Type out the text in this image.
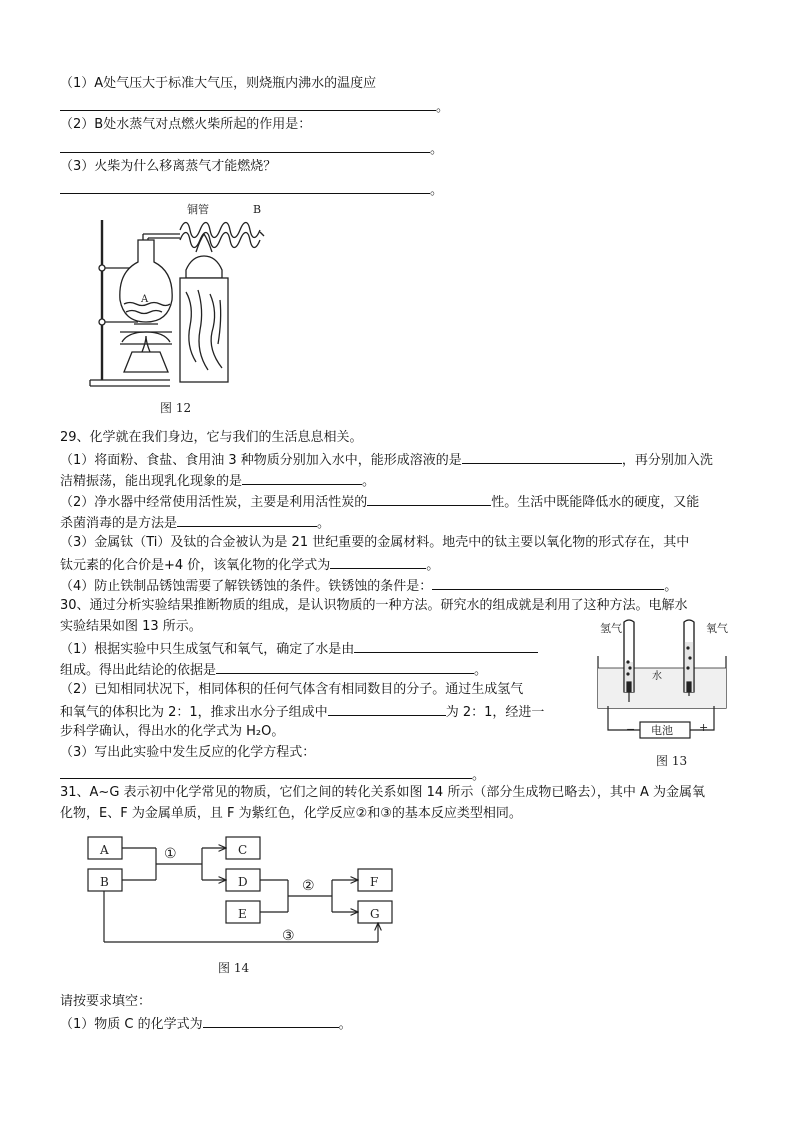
（1）A处气压大于标准大气压，则烧瓶内沸水的温度应
。
（2）B处水蒸气对点燃火柴所起的作用是：
。
（3）火柴为什么移离蒸气才能燃烧？
。
铜管	B
A
图 12
29、化学就在我们身边，它与我们的生活息息相关。
（1）将面粉、食盐、食用油 3 种物质分别加入水中，能形成溶液的是	，再分别加入洗
洁精振荡，能出现乳化现象的是	。
（2）净水器中经常使用活性炭，主要是利用活性炭的	性。生活中既能降低水的硬度，又能
杀菌消毒的是方法是	。
（3）金属钛（Ti）及钛的合金被认为是 21 世纪重要的金属材料。地壳中的钛主要以氧化物的形式存在，其中
钛元素的化合价是+4 价，该氧化物的化学式为	。
（4）防止铁制品锈蚀需要了解铁锈蚀的条件。铁锈蚀的条件是：	。
30、通过分析实验结果推断物质的组成，是认识物质的一种方法。研究水的组成就是利用了这种方法。电解水
实验结果如图 13 所示。
（1）根据实验中只生成氢气和氧气，确定了水是由
组成。得出此结论的依据是	。
（2）已知相同状况下，相同体积的任何气体含有相同数目的分子。通过生成氢气
和氧气的体积比为 2：1，推求出水分子组成中	为 2：1，经进一
步科学确认，得出水的化学式为 H₂O。
（3）写出此实验中发生反应的化学方程式：
。
氢气	氧气
水
− 电池 +
图 13
31、A~G 表示初中化学常见的物质，它们之间的转化关系如图 14 所示（部分生成物已略去），其中 A 为金属氧
化物，E、F 为金属单质，且 F 为紫红色，化学反应②和③的基本反应类型相同。
A
B
C
D
E
F
G
①
②
③
图 14
请按要求填空：
（1）物质 C 的化学式为	。
